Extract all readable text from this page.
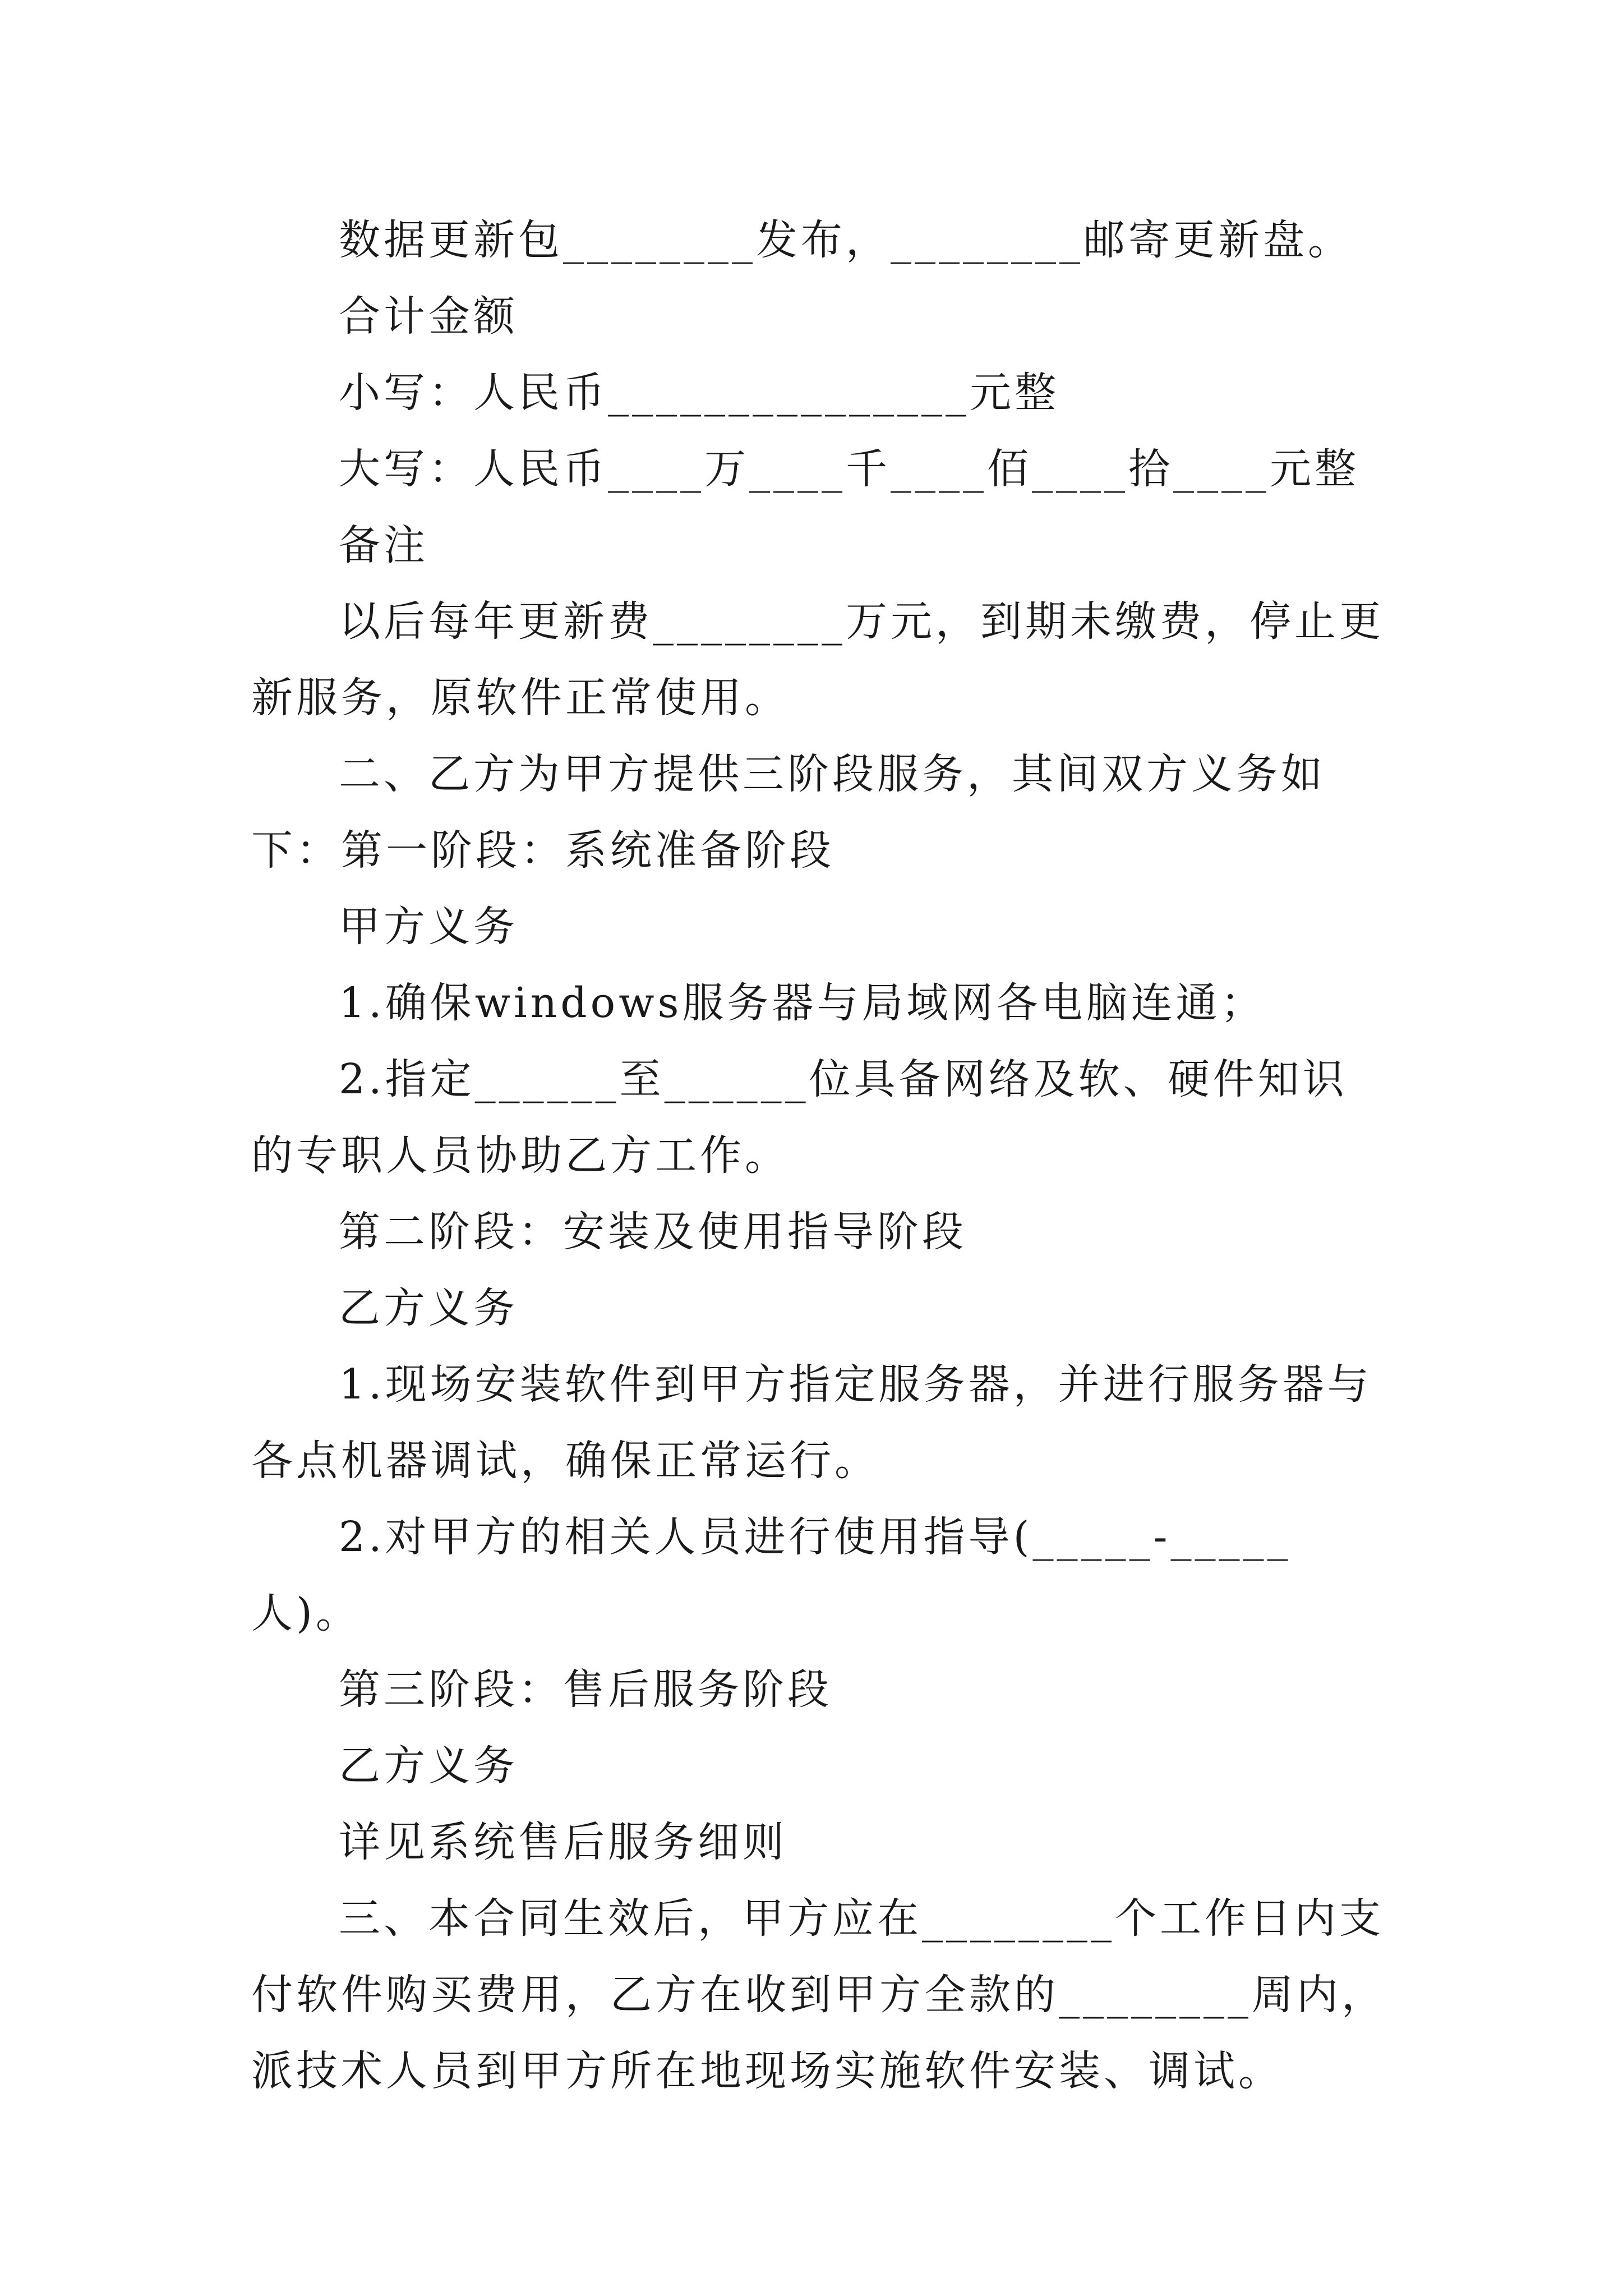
数据更新包________发布，________邮寄更新盘。

合计金额

小写：人民币_______________元整

大写：人民币____万____千____佰____拾____元整

备注

以后每年更新费________万元，到期未缴费，停止更新服务，原软件正常使用。

二、乙方为甲方提供三阶段服务，其间双方义务如下：第一阶段：系统准备阶段

甲方义务

1.确保windows服务器与局域网各电脑连通；

2.指定______至______位具备网络及软、硬件知识的专职人员协助乙方工作。

第二阶段：安装及使用指导阶段

乙方义务

1.现场安装软件到甲方指定服务器，并进行服务器与各点机器调试，确保正常运行。

2.对甲方的相关人员进行使用指导(_____-_____人)。

第三阶段：售后服务阶段

乙方义务

详见系统售后服务细则

三、本合同生效后，甲方应在________个工作日内支付软件购买费用，乙方在收到甲方全款的________周内，派技术人员到甲方所在地现场实施软件安装、调试。
